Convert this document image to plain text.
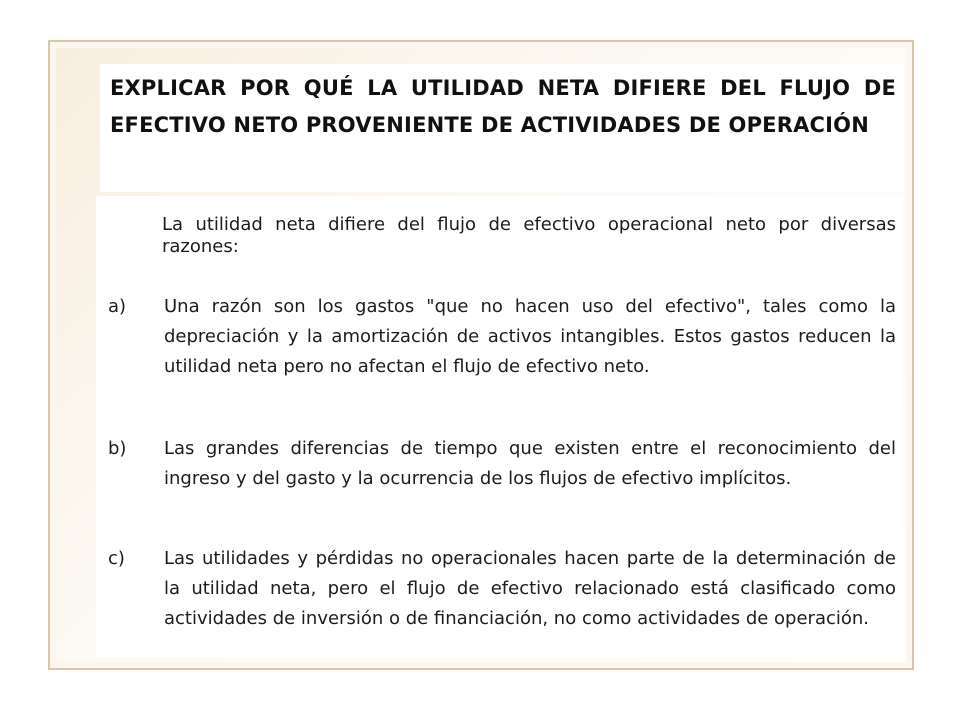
EXPLICAR POR QUÉ LA UTILIDAD NETA DIFIERE DEL FLUJO DE EFECTIVO NETO PROVENIENTE DE ACTIVIDADES DE OPERACIÓN

La utilidad neta difiere del flujo de efectivo operacional neto por diversas razones:

a)	Una razón son los gastos "que no hacen uso del efectivo", tales como la depreciación y la amortización de activos intangibles. Estos gastos reducen la utilidad neta pero no afectan el flujo de efectivo neto.

b)	Las grandes diferencias de tiempo que existen entre el reconocimiento del ingreso y del gasto y la ocurrencia de los flujos de efectivo implícitos.

c)	Las utilidades y pérdidas no operacionales hacen parte de la determinación de la utilidad neta, pero el flujo de efectivo relacionado está clasificado como actividades de inversión o de financiación, no como actividades de operación.
